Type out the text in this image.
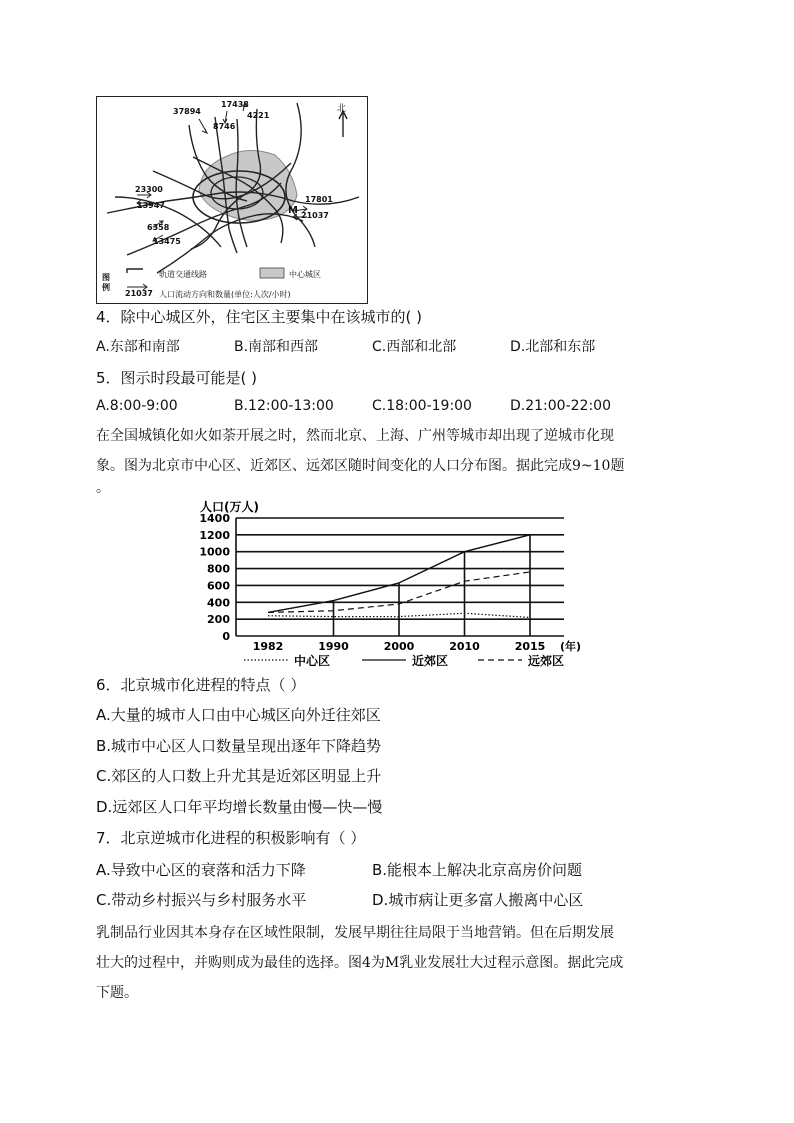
37894
17438
8746
4221
23300
13947
17801
21037
6358
13475
M
北
图例
轨道交通线路	中心城区
21037 人口流动方向和数量(单位:人次/小时)
4．除中心城区外，住宅区主要集中在该城市的( )
A.东部和南部	B.南部和西部	C.西部和北部	D.北部和东部
5．图示时段最可能是( )
A.8:00-9:00	B.12:00-13:00	C.18:00-19:00	D.21:00-22:00
在全国城镇化如火如荼开展之时，然而北京、上海、广州等城市却出现了逆城市化现
象。图为北京市中心区、近郊区、远郊区随时间变化的人口分布图。据此完成9~10题
。
人口(万人)
1400
1200
1000
800
600
400
200
0
1982	1990	2000	2010	2015 (年)
中心区	近郊区	远郊区
6．北京城市化进程的特点（ ）
A.大量的城市人口由中心城区向外迁往郊区
B.城市中心区人口数量呈现出逐年下降趋势
C.郊区的人口数上升尤其是近郊区明显上升
D.远郊区人口年平均增长数量由慢—快—慢
7．北京逆城市化进程的积极影响有（ ）
A.导致中心区的衰落和活力下降	B.能根本上解决北京高房价问题
C.带动乡村振兴与乡村服务水平	D.城市病让更多富人搬离中心区
乳制品行业因其本身存在区域性限制，发展早期往往局限于当地营销。但在后期发展
壮大的过程中，并购则成为最佳的选择。图4为M乳业发展壮大过程示意图。据此完成
下题。
